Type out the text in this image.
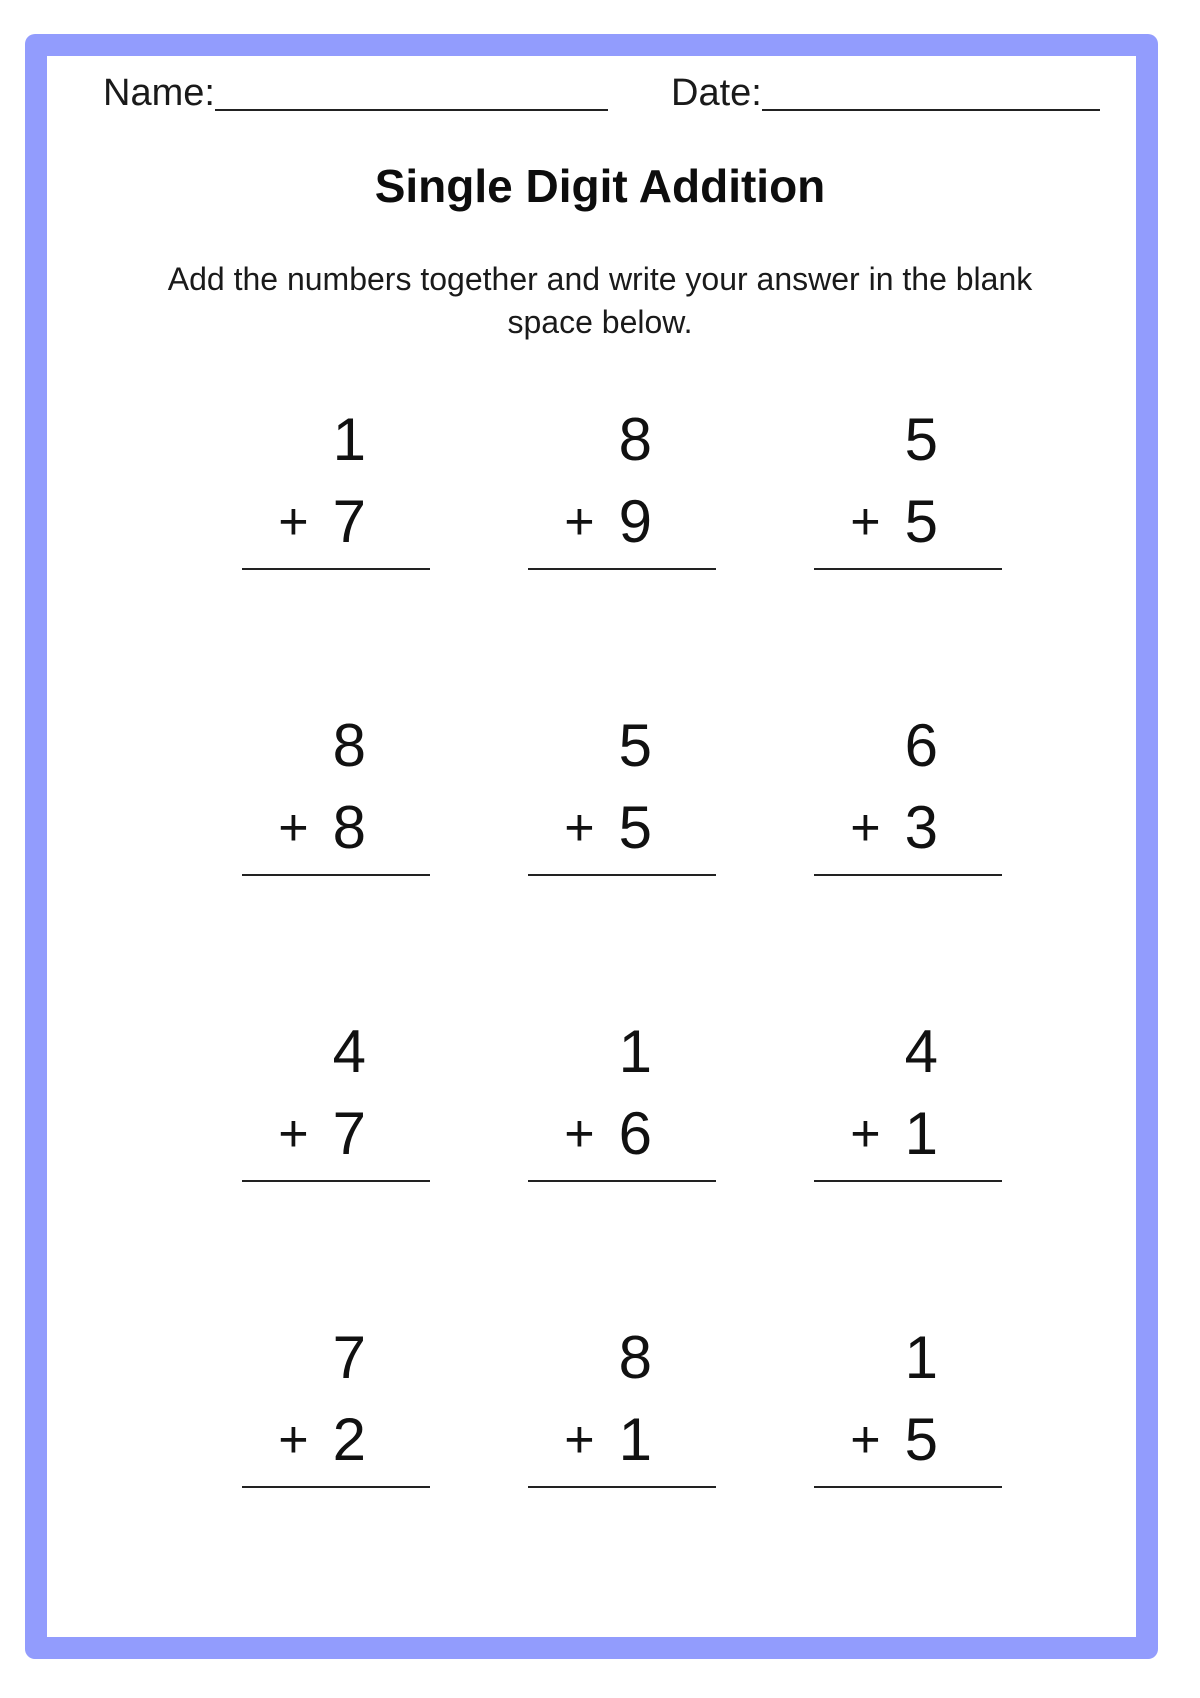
Name:	Date:
Single Digit Addition
Add the numbers together and write your answer in the blank space below.
1
+ 7
8
+ 9
5
+ 5
8
+ 8
5
+ 5
6
+ 3
4
+ 7
1
+ 6
4
+ 1
7
+ 2
8
+ 1
1
+ 5
